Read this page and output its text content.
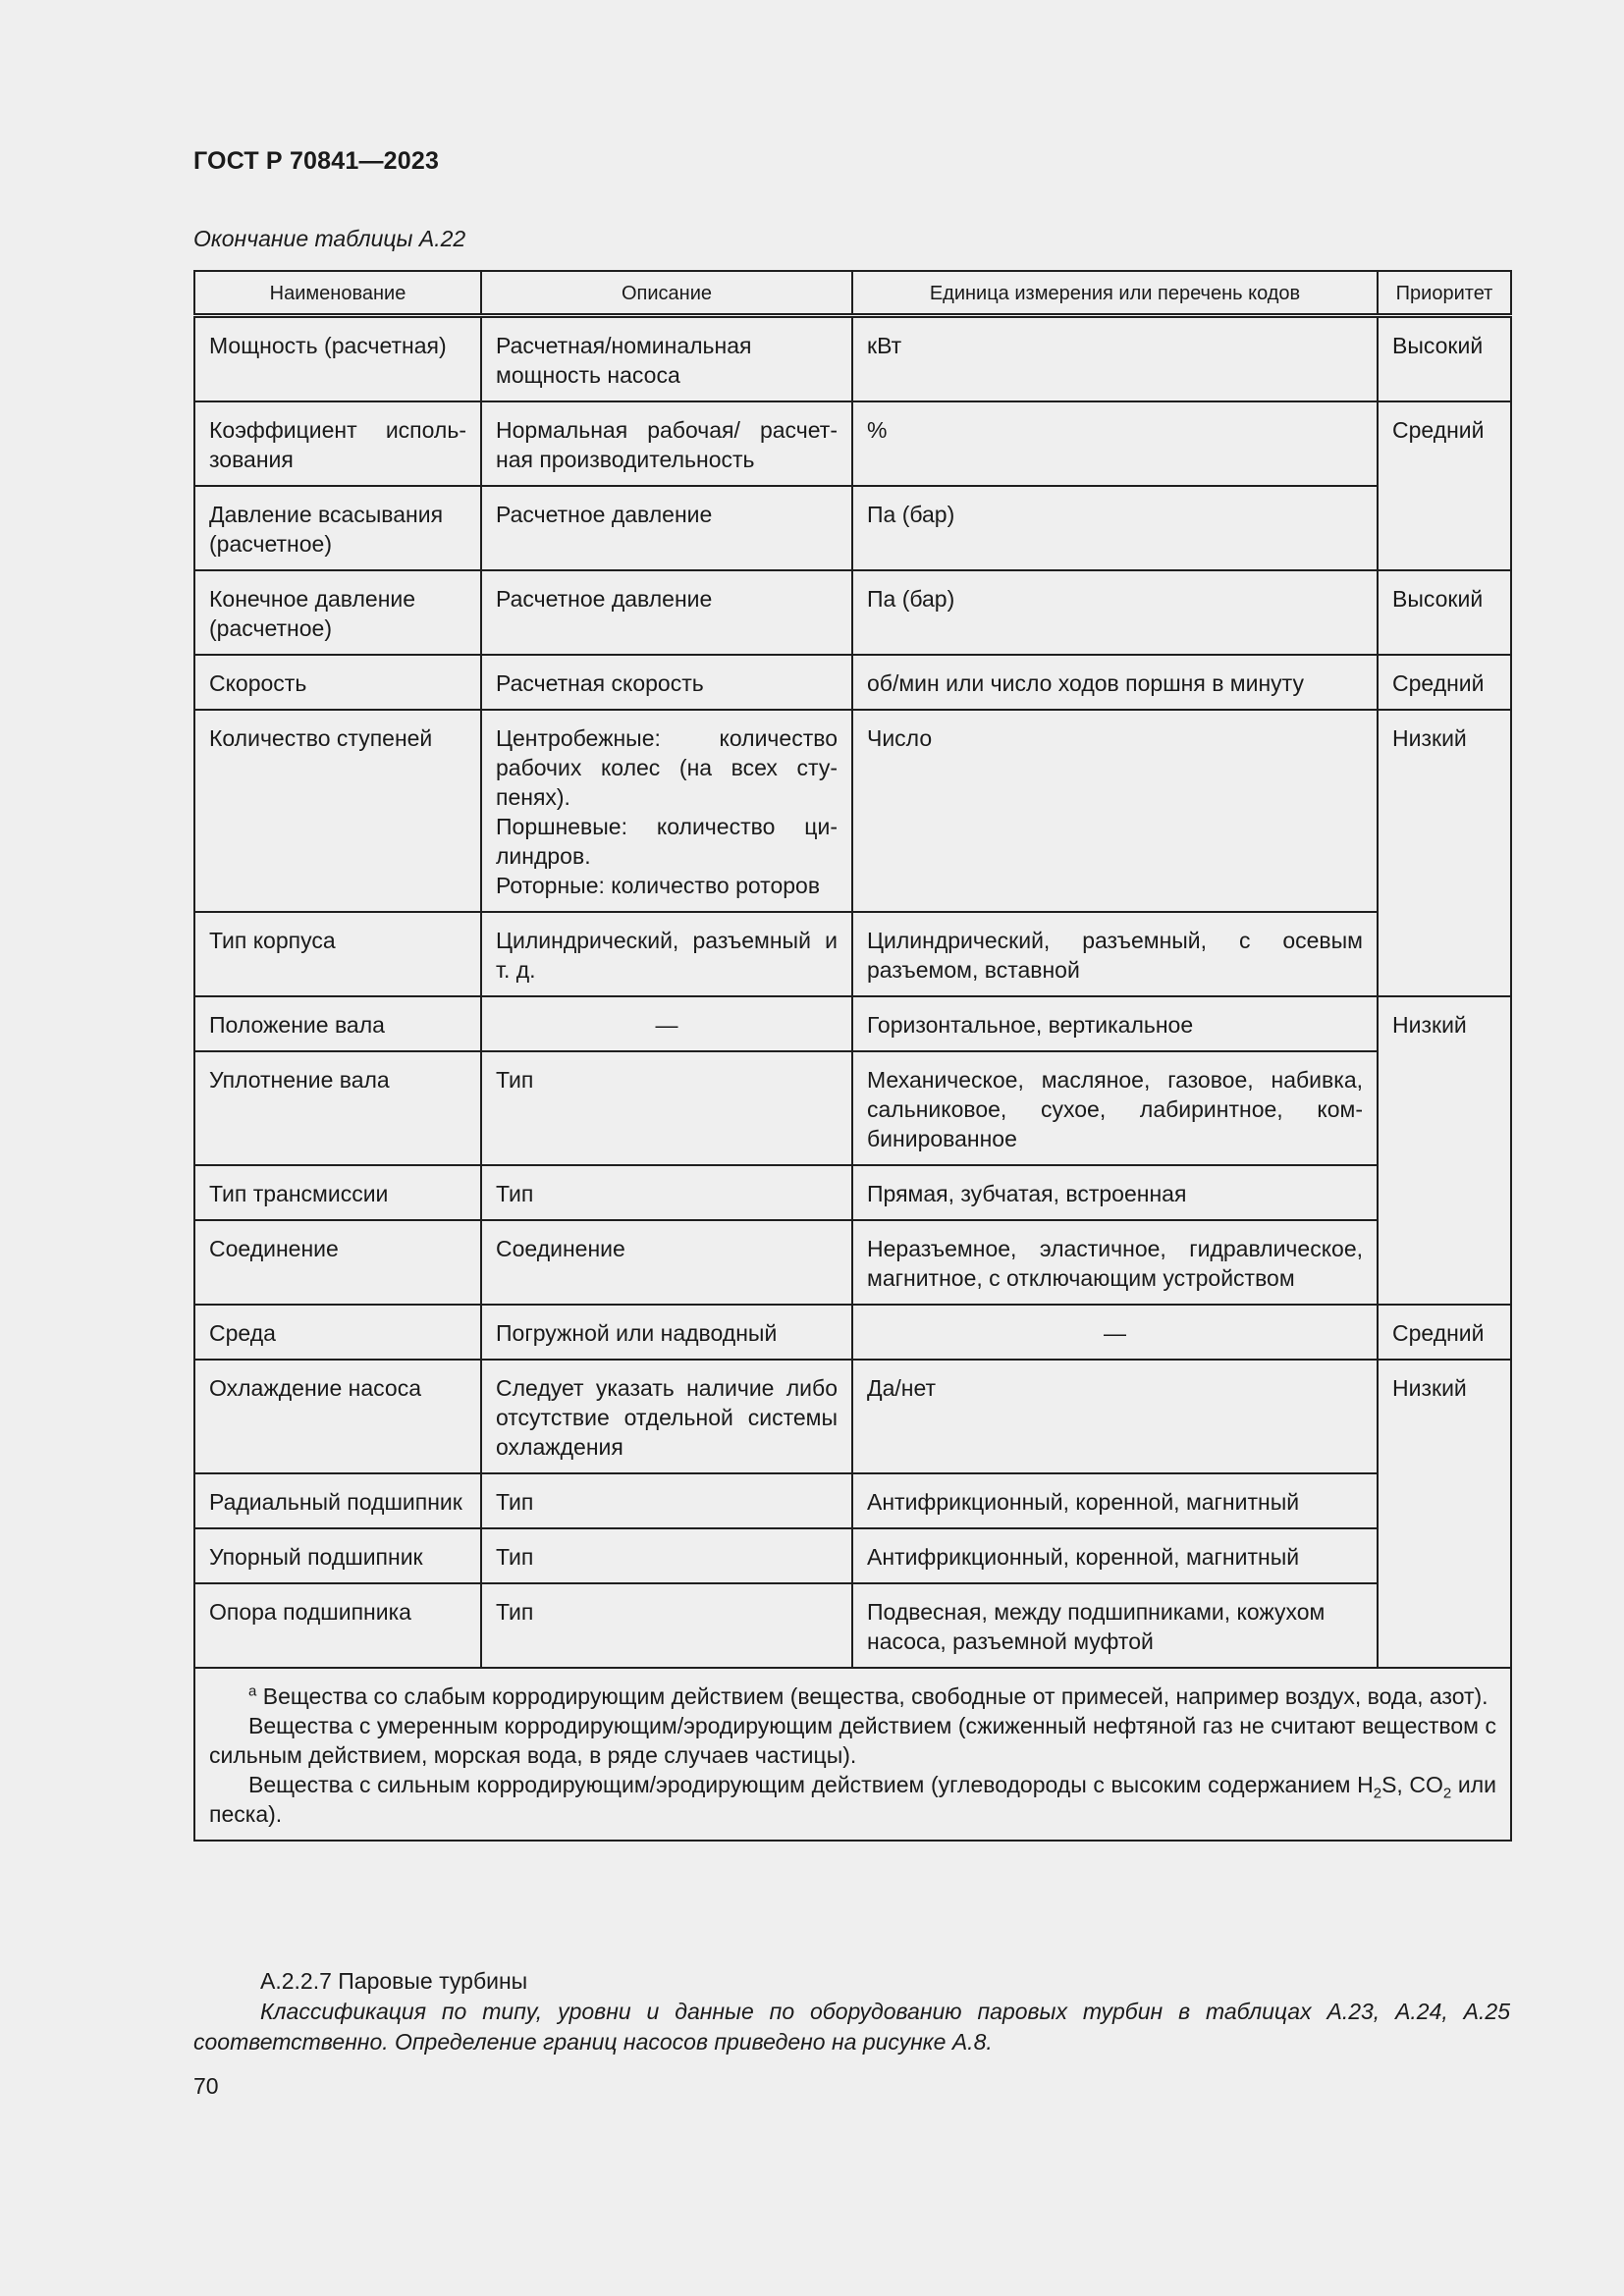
ГОСТ Р 70841—2023
Окончание таблицы А.22
Наименование	Описание	Единица измерения или перечень кодов	Приоритет
Мощность (расчетная)	Расчетная/номинальная мощность насоса	кВт	Высокий
Коэффициент использования	Нормальная рабочая/ расчетная производительность	%	Средний
Давление всасывания (расчетное)	Расчетное давление	Па (бар)	
Конечное давление (расчетное)	Расчетное давление	Па (бар)	Высокий
Скорость	Расчетная скорость	об/мин или число ходов поршня в минуту	Средний
Количество ступеней	Центробежные: количество рабочих колес (на всех ступенях).
Поршневые: количество цилиндров.
Роторные: количество роторов	Число	Низкий
Тип корпуса	Цилиндрический, разъемный и т. д.	Цилиндрический, разъемный, с осевым разъемом, вставной	
Положение вала	—	Горизонтальное, вертикальное	Низкий
Уплотнение вала	Тип	Механическое, масляное, газовое, набивка, сальниковое, сухое, лабиринтное, комбинированное	
Тип трансмиссии	Тип	Прямая, зубчатая, встроенная	
Соединение	Соединение	Неразъемное, эластичное, гидравлическое, магнитное, с отключающим устройством	
Среда	Погружной или надводный	—	Средний
Охлаждение насоса	Следует указать наличие либо отсутствие отдельной системы охлаждения	Да/нет	Низкий
Радиальный подшипник	Тип	Антифрикционный, коренной, магнитный	
Упорный подшипник	Тип	Антифрикционный, коренной, магнитный	
Опора подшипника	Тип	Подвесная, между подшипниками, кожухом насоса, разъемной муфтой	

$^а$ Вещества со слабым корродирующим действием (вещества, свободные от примесей, например воздух, вода, азот).
Вещества с умеренным корродирующим/эродирующим действием (сжиженный нефтяной газ не считают веществом с сильным действием, морская вода, в ряде случаев частицы).
Вещества с сильным корродирующим/эродирующим действием (углеводороды с высоким содержанием $H_2S$, $CO_2$ или песка).			
А.2.2.7 Паровые турбины
Классификация по типу, уровни и данные по оборудованию паровых турбин в таблицах А.23, А.24, А.25 соответственно. Определение границ насосов приведено на рисунке А.8.
70
